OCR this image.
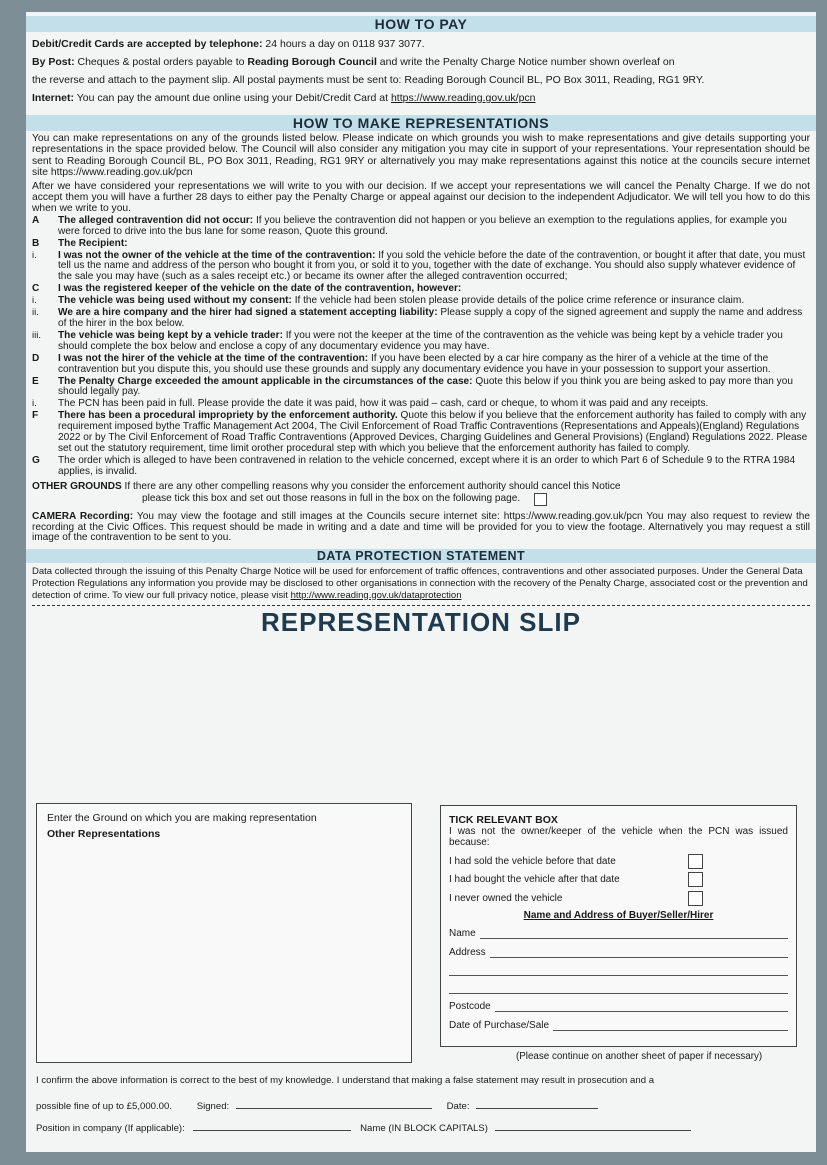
HOW TO PAY
Debit/Credit Cards are accepted by telephone: 24 hours a day on 0118 937 3077.
By Post: Cheques & postal orders payable to Reading Borough Council and write the Penalty Charge Notice number shown overleaf on
the reverse and attach to the payment slip. All postal payments must be sent to: Reading Borough Council BL, PO Box 3011, Reading, RG1 9RY.
Internet: You can pay the amount due online using your Debit/Credit Card at https://www.reading.gov.uk/pcn
HOW TO MAKE REPRESENTATIONS
You can make representations on any of the grounds listed below. Please indicate on which grounds you wish to make representations and give details supporting your representations in the space provided below. The Council will also consider any mitigation you may cite in support of your representations. Your representation should be sent to Reading Borough Council BL, PO Box 3011, Reading, RG1 9RY or alternatively you may make representations against this notice at the councils secure internet site https://www.reading.gov.uk/pcn
After we have considered your representations we will write to you with our decision. If we accept your representations we will cancel the Penalty Charge. If we do not accept them you will have a further 28 days to either pay the Penalty Charge or appeal against our decision to the independent Adjudicator. We will tell you how to do this when we write to you.
A	The alleged contravention did not occur: If you believe the contravention did not happen or you believe an exemption to the regulations applies, for example you were forced to drive into the bus lane for some reason, Quote this ground.
B	The Recipient:
i.	I was not the owner of the vehicle at the time of the contravention: If you sold the vehicle before the date of the contravention, or bought it after that date, you must tell us the name and address of the person who bought it from you, or sold it to you, together with the date of exchange. You should also supply whatever evidence of the sale you may have (such as a sales receipt etc.) or became its owner after the alleged contravention occurred;
C	I was the registered keeper of the vehicle on the date of the contravention, however:
i.	The vehicle was being used without my consent: If the vehicle had been stolen please provide details of the police crime reference or insurance claim.
ii.	We are a hire company and the hirer had signed a statement accepting liability: Please supply a copy of the signed agreement and supply the name and address of the hirer in the box below.
iii.	The vehicle was being kept by a vehicle trader: If you were not the keeper at the time of the contravention as the vehicle was being kept by a vehicle trader you should complete the box below and enclose a copy of any documentary evidence you may have.
D	I was not the hirer of the vehicle at the time of the contravention: If you have been elected by a car hire company as the hirer of a vehicle at the time of the contravention but you dispute this, you should use these grounds and supply any documentary evidence you have in your possession to support your assertion.
E	The Penalty Charge exceeded the amount applicable in the circumstances of the case: Quote this below if you think you are being asked to pay more than you should legally pay.
i.	The PCN has been paid in full. Please provide the date it was paid, how it was paid – cash, card or cheque, to whom it was paid and any receipts.
F	There has been a procedural impropriety by the enforcement authority. Quote this below if you believe that the enforcement authority has failed to comply with any requirement imposed bythe Traffic Management Act 2004, The Civil Enforcement of Road Traffic Contraventions (Representations and Appeals)(England) Regulations 2022 or by The Civil Enforcement of Road Traffic Contraventions (Approved Devices, Charging Guidelines and General Provisions) (England) Regulations 2022. Please set out the statutory requirement, time limit orother procedural step with which you believe that the enforcement authority has failed to comply.
G	The order which is alleged to have been contravened in relation to the vehicle concerned, except where it is an order to which Part 6 of Schedule 9 to the RTRA 1984 applies, is invalid.
OTHER GROUNDS If there are any other compelling reasons why you consider the enforcement authority should cancel this Notice
please tick this box and set out those reasons in full in the box on the following page.
CAMERA Recording: You may view the footage and still images at the Councils secure internet site: https://www.reading.gov.uk/pcn You may also request to review the recording at the Civic Offices. This request should be made in writing and a date and time will be provided for you to view the footage. Alternatively you may request a still image of the contravention to be sent to you.
DATA PROTECTION STATEMENT
Data collected through the issuing of this Penalty Charge Notice will be used for enforcement of traffic offences, contraventions and other associated purposes. Under the General Data Protection Regulations any information you provide may be disclosed to other organisations in connection with the recovery of the Penalty Charge, associated cost or the prevention and detection of crime. To view our full privacy notice, please visit http://www.reading.gov.uk/dataprotection
REPRESENTATION SLIP
Enter the Ground on which you are making representation
Other Representations
TICK RELEVANT BOX
I was not the owner/keeper of the vehicle when the PCN was issued because:
I had sold the vehicle before that date
I had bought the vehicle after that date
I never owned the vehicle
Name and Address of Buyer/Seller/Hirer
Name
Address
Postcode
Date of Purchase/Sale
(Please continue on another sheet of paper if necessary)
I confirm the above information is correct to the best of my knowledge. I understand that making a false statement may result in prosecution and a
possible fine of up to £5,000.00.	Signed:	Date:
Position in company (If applicable):	Name (IN BLOCK CAPITALS)
